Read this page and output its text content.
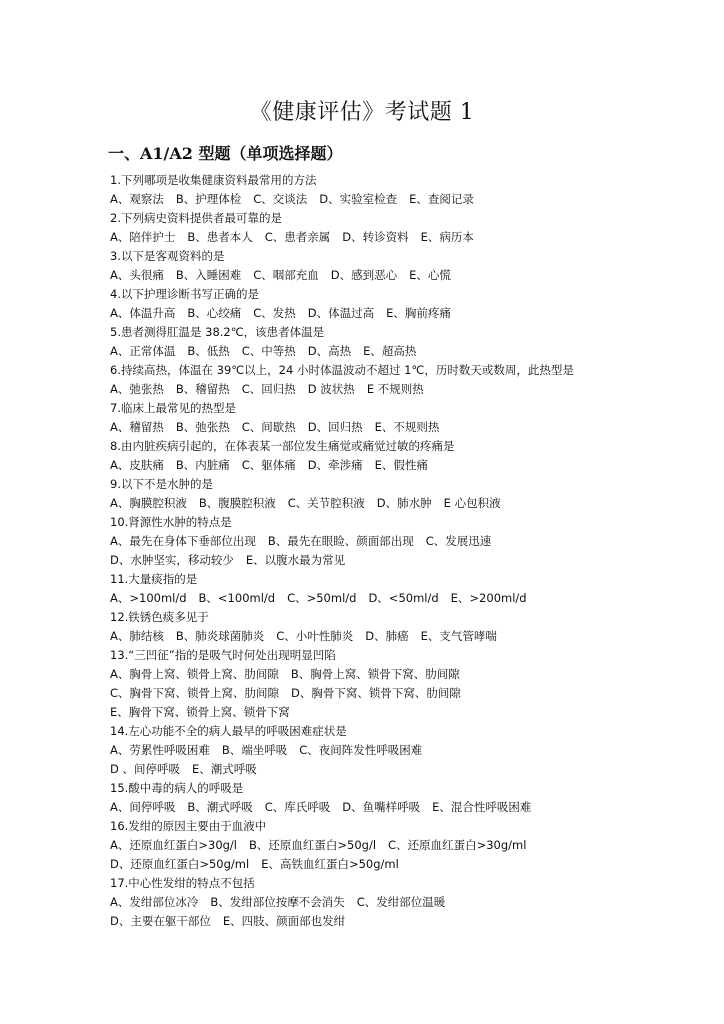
《健康评估》考试题 1
一、A1/A2 型题（单项选择题）
1.下列哪项是收集健康资料最常用的方法
A、观察法 B、护理体检 C、交谈法 D、实验室检查 E、查阅记录
2.下列病史资料提供者最可靠的是
A、陪伴护士 B、患者本人 C、患者亲属 D、转诊资料 E、病历本
3.以下是客观资料的是
A、头很痛 B、入睡困难 C、咽部充血 D、感到恶心 E、心慌
4.以下护理诊断书写正确的是
A、体温升高 B、心绞痛 C、发热 D、体温过高 E、胸前疼痛
5.患者测得肛温是 38.2℃，该患者体温是
A、正常体温 B、低热 C、中等热 D、高热 E、超高热
6.持续高热，体温在 39℃以上，24 小时体温波动不超过 1℃，历时数天或数周，此热型是
A、弛张热 B、稽留热 C、回归热 D 波状热 E 不规则热
7.临床上最常见的热型是
A、稽留热 B、弛张热 C、间歇热 D、回归热 E、不规则热
8.由内脏疾病引起的，在体表某一部位发生痛觉或痛觉过敏的疼痛是
A、皮肤痛 B、内脏痛 C、躯体痛 D、牵涉痛 E、假性痛
9.以下不是水肿的是
A、胸膜腔积液 B、腹膜腔积液 C、关节腔积液 D、肺水肿 E 心包积液
10.肾源性水肿的特点是
A、最先在身体下垂部位出现 B、最先在眼睑、颜面部出现 C、发展迅速
D、水肿坚实，移动较少 E、以腹水最为常见
11.大量痰指的是
A、>100ml/d B、<100ml/d C、>50ml/d D、<50ml/d E、>200ml/d
12.铁锈色痰多见于
A、肺结核 B、肺炎球菌肺炎 C、小叶性肺炎 D、肺癌 E、支气管哮喘
13.“三凹征”指的是吸气时何处出现明显凹陷
A、胸骨上窝、锁骨上窝、肋间隙 B、胸骨上窝、锁骨下窝、肋间隙
C、胸骨下窝、锁骨上窝、肋间隙 D、胸骨下窝、锁骨下窝、肋间隙
E、胸骨下窝、锁骨上窝、锁骨下窝
14.左心功能不全的病人最早的呼吸困难症状是
A、劳累性呼吸困难 B、端坐呼吸 C、夜间阵发性呼吸困难
D 、间停呼吸 E、潮式呼吸
15.酸中毒的病人的呼吸是
A、间停呼吸 B、潮式呼吸 C、库氏呼吸 D、鱼嘴样呼吸 E、混合性呼吸困难
16.发绀的原因主要由于血液中
A、还原血红蛋白>30g/l B、还原血红蛋白>50g/l C、还原血红蛋白>30g/ml
D、还原血红蛋白>50g/ml E、高铁血红蛋白>50g/ml
17.中心性发绀的特点不包括
A、发绀部位冰冷 B、发绀部位按摩不会消失 C、发绀部位温暖
D、主要在躯干部位 E、四肢、颜面部也发绀
